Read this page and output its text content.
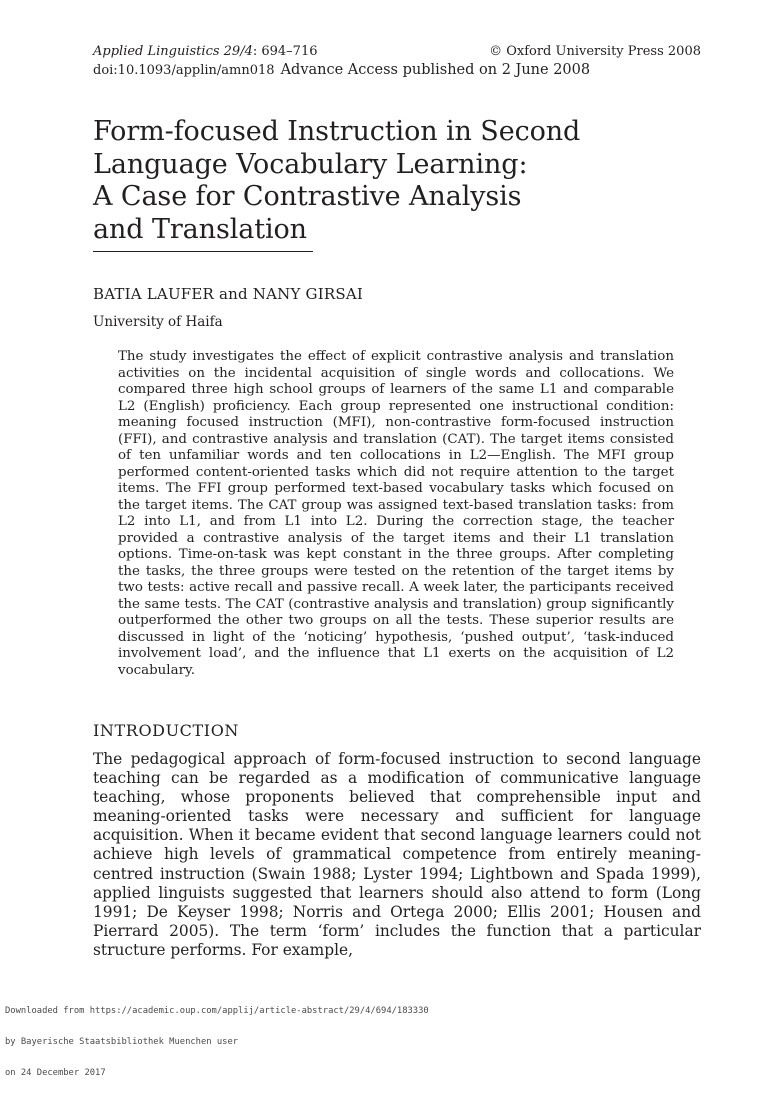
Applied Linguistics 29/4: 694–716	© Oxford University Press 2008
doi:10.1093/applin/amn018 Advance Access published on 2 June 2008
Form-focused Instruction in Second
Language Vocabulary Learning:
A Case for Contrastive Analysis
and Translation
BATIA LAUFER and NANY GIRSAI
University of Haifa

The study investigates the effect of explicit contrastive analysis and translation activities on the incidental acquisition of single words and collocations. We compared three high school groups of learners of the same L1 and comparable L2 (English) proficiency. Each group represented one instructional condition: meaning focused instruction (MFI), non-contrastive form-focused instruction (FFI), and contrastive analysis and translation (CAT). The target items consisted of ten unfamiliar words and ten collocations in L2—English. The MFI group performed content-oriented tasks which did not require attention to the target items. The FFI group performed text-based vocabulary tasks which focused on the target items. The CAT group was assigned text-based translation tasks: from L2 into L1, and from L1 into L2. During the correction stage, the teacher provided a contrastive analysis of the target items and their L1 translation options. Time-on-task was kept constant in the three groups. After completing the tasks, the three groups were tested on the retention of the target items by two tests: active recall and passive recall. A week later, the participants received the same tests. The CAT (contrastive analysis and translation) group significantly outperformed the other two groups on all the tests. These superior results are discussed in light of the ‘noticing’ hypothesis, ‘pushed output’, ‘task-induced involvement load’, and the influence that L1 exerts on the acquisition of L2 vocabulary.

INTRODUCTION

The pedagogical approach of form-focused instruction to second language teaching can be regarded as a modification of communicative language teaching, whose proponents believed that comprehensible input and meaning-oriented tasks were necessary and sufficient for language acquisition. When it became evident that second language learners could not achieve high levels of grammatical competence from entirely meaning-centred instruction (Swain 1988; Lyster 1994; Lightbown and Spada 1999), applied linguists suggested that learners should also attend to form (Long 1991; De Keyser 1998; Norris and Ortega 2000; Ellis 2001; Housen and Pierrard 2005). The term ‘form’ includes the function that a particular structure performs. For example,

Downloaded from https://academic.oup.com/applij/article-abstract/29/4/694/183330

by Bayerische Staatsbibliothek Muenchen user

on 24 December 2017
